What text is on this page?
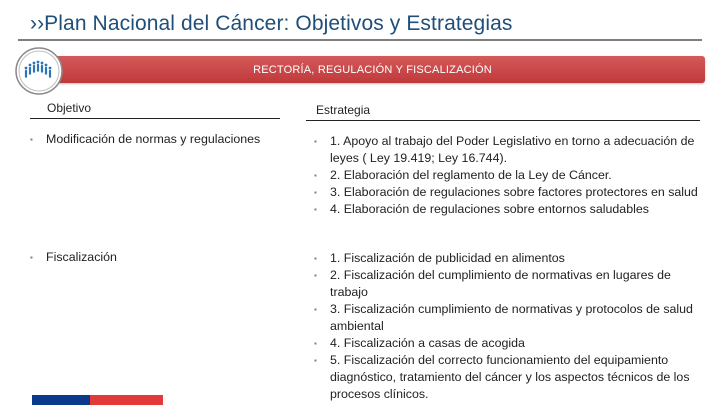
››Plan Nacional del Cáncer: Objetivos y Estrategias
RECTORÍA, REGULACIÓN Y FISCALIZACIÓN
Objetivo	Estrategia
▪ Modificación de normas y regulaciones	▪ 1. Apoyo al trabajo del Poder Legislativo en torno a adecuación de leyes ( Ley 19.419; Ley 16.744).
▪ 2. Elaboración del reglamento de la Ley de Cáncer.
▪ 3. Elaboración de regulaciones sobre factores protectores en salud
▪ 4. Elaboración de regulaciones sobre entornos saludables
▪ Fiscalización	▪ 1. Fiscalización de publicidad en alimentos
▪ 2. Fiscalización del cumplimiento de normativas en lugares de trabajo
▪ 3. Fiscalización cumplimiento de normativas y protocolos de salud ambiental
▪ 4. Fiscalización a casas de acogida
▪ 5. Fiscalización del correcto funcionamiento del equipamiento diagnóstico, tratamiento del cáncer y los aspectos técnicos de los procesos clínicos.
